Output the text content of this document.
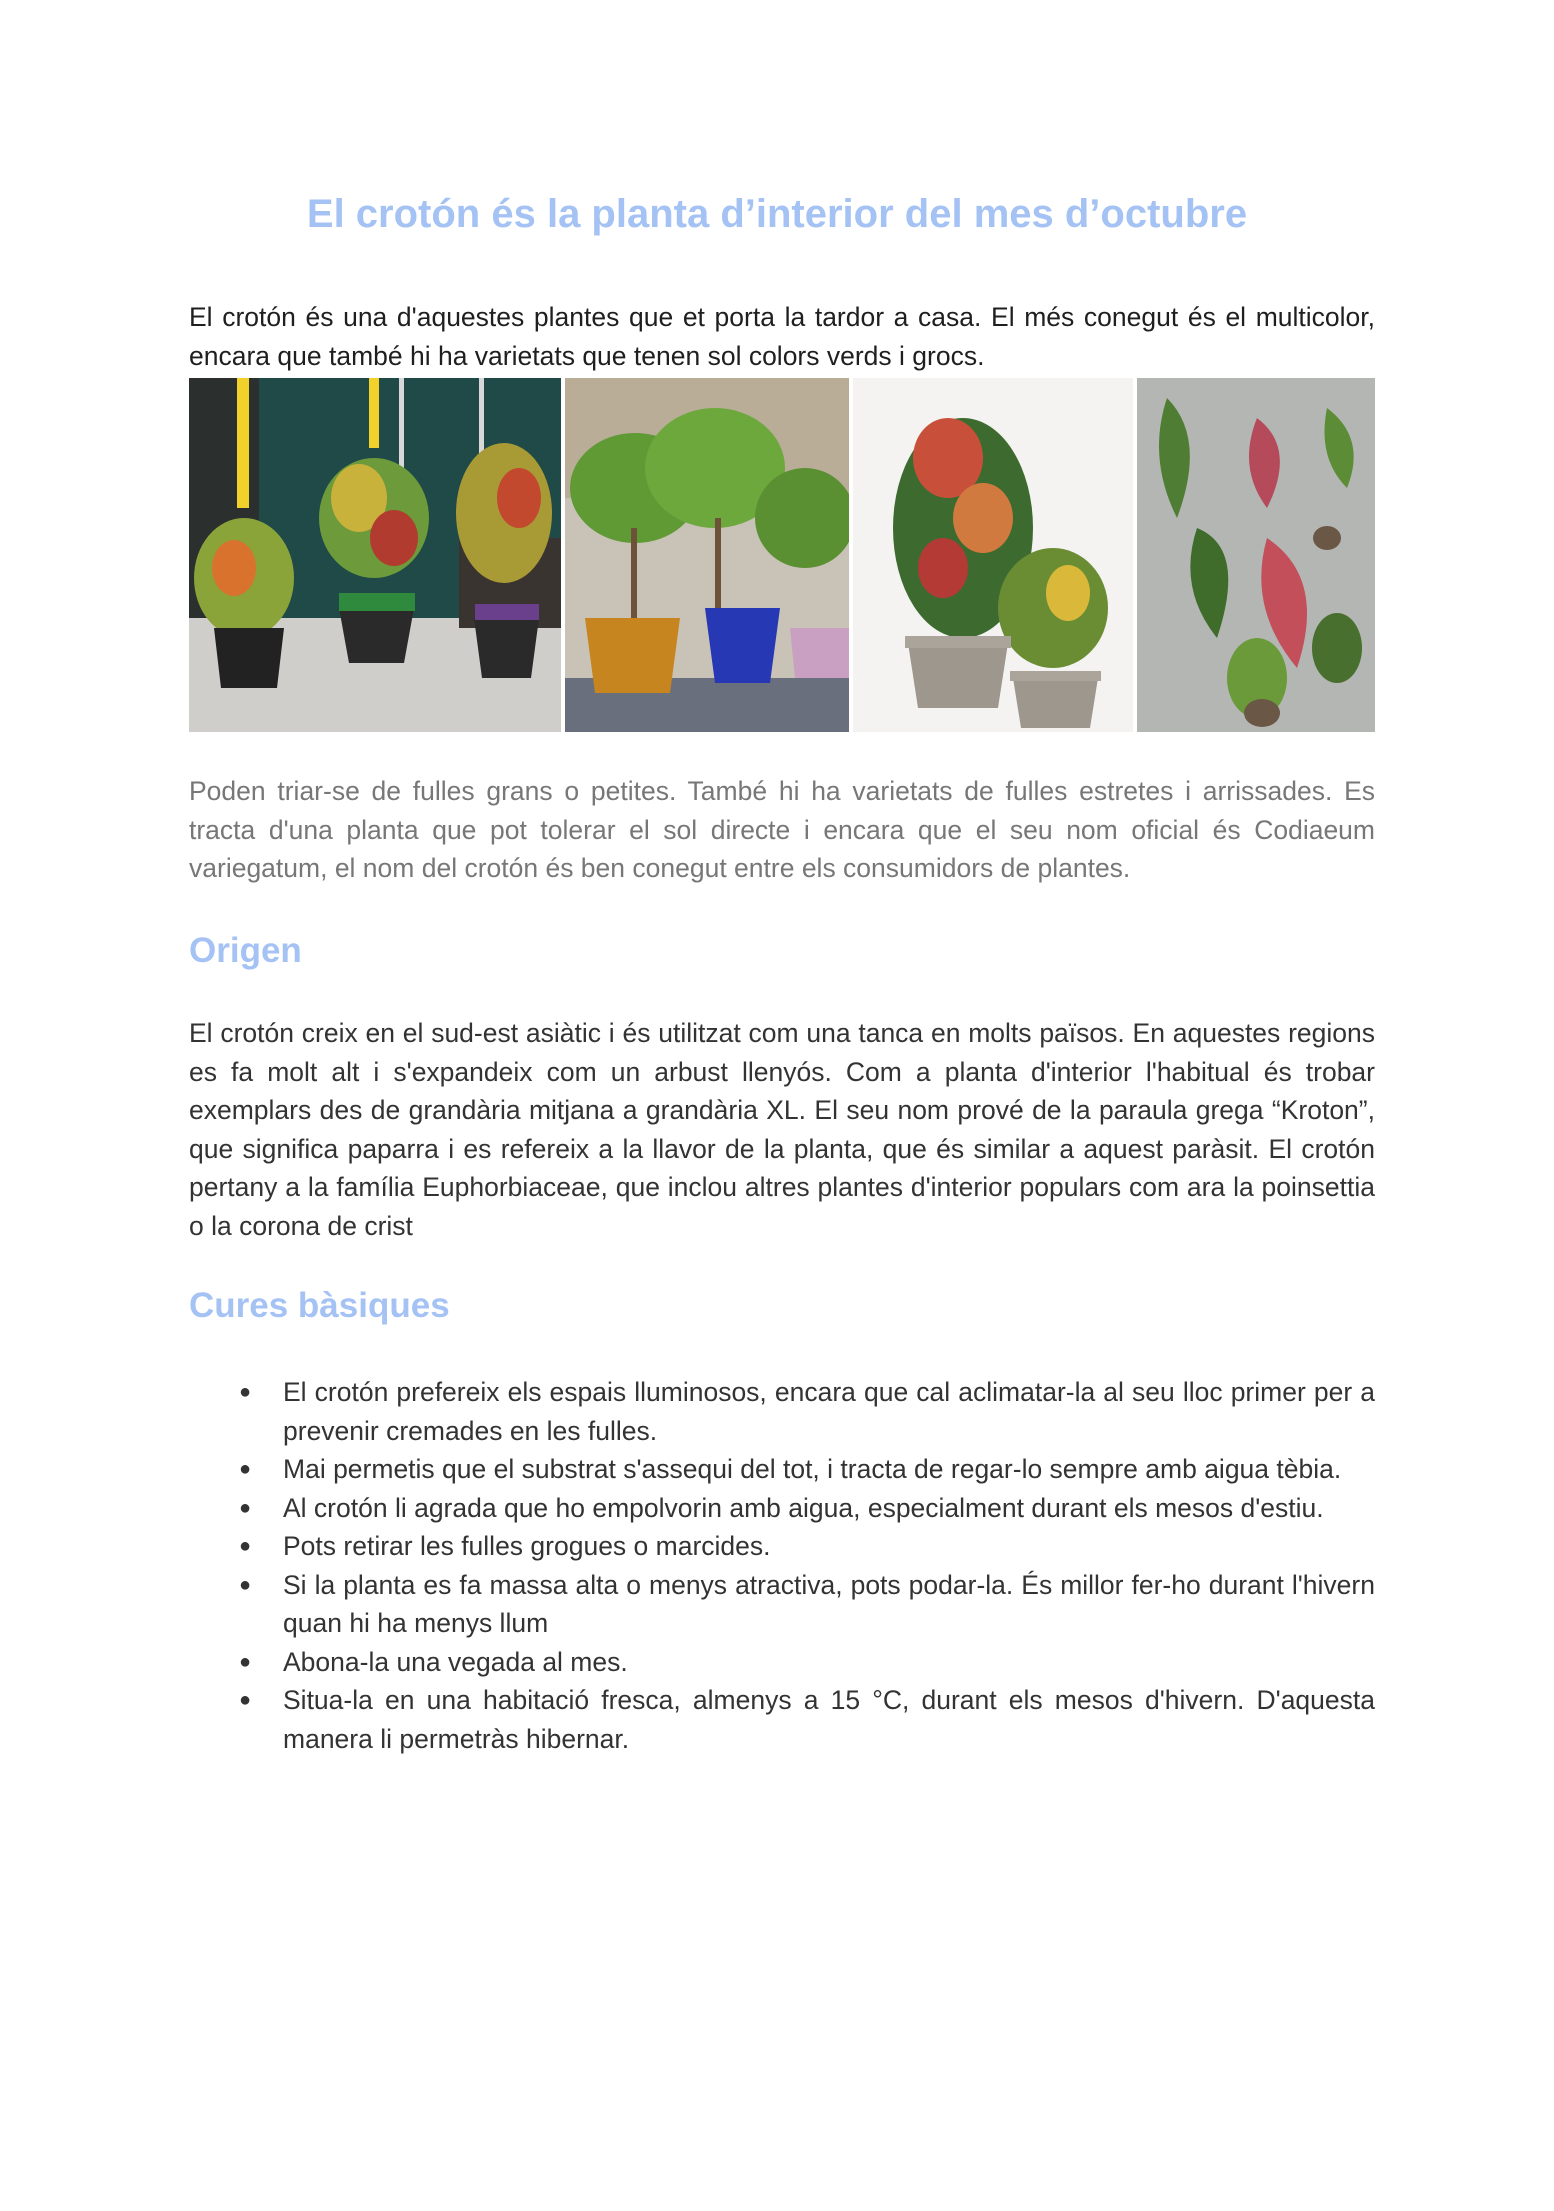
El crotón és la planta d’interior del mes d’octubre
El crotón és una d'aquestes plantes que et porta la tardor a casa. El més conegut és el multicolor, encara que també hi ha varietats que tenen sol colors verds i grocs.
Poden triar-se de fulles grans o petites. També hi ha varietats de fulles estretes i arrissades. Es tracta d'una planta que pot tolerar el sol directe i encara que el seu nom oficial és Codiaeum variegatum, el nom del crotón és ben conegut entre els consumidors de plantes.
Origen
El crotón creix en el sud-est asiàtic i és utilitzat com una tanca en molts països. En aquestes regions es fa molt alt i s'expandeix com un arbust llenyós. Com a planta d'interior l'habitual és trobar exemplars des de grandària mitjana a grandària XL. El seu nom prové de la paraula grega “Kroton”, que significa paparra i es refereix a la llavor de la planta, que és similar a aquest paràsit. El crotón pertany a la família Euphorbiaceae, que inclou altres plantes d'interior populars com ara la poinsettia o la corona de crist
Cures bàsiques
● El crotón prefereix els espais lluminosos, encara que cal aclimatar-la al seu lloc primer per a prevenir cremades en les fulles.
● Mai permetis que el substrat s'assequi del tot, i tracta de regar-lo sempre amb aigua tèbia.
● Al crotón li agrada que ho empolvorin amb aigua, especialment durant els mesos d'estiu.
● Pots retirar les fulles grogues o marcides.
● Si la planta es fa massa alta o menys atractiva, pots podar-la. És millor fer-ho durant l'hivern quan hi ha menys llum
● Abona-la una vegada al mes.
● Situa-la en una habitació fresca, almenys a 15 °C, durant els mesos d'hivern. D'aquesta manera li permetràs hibernar.
